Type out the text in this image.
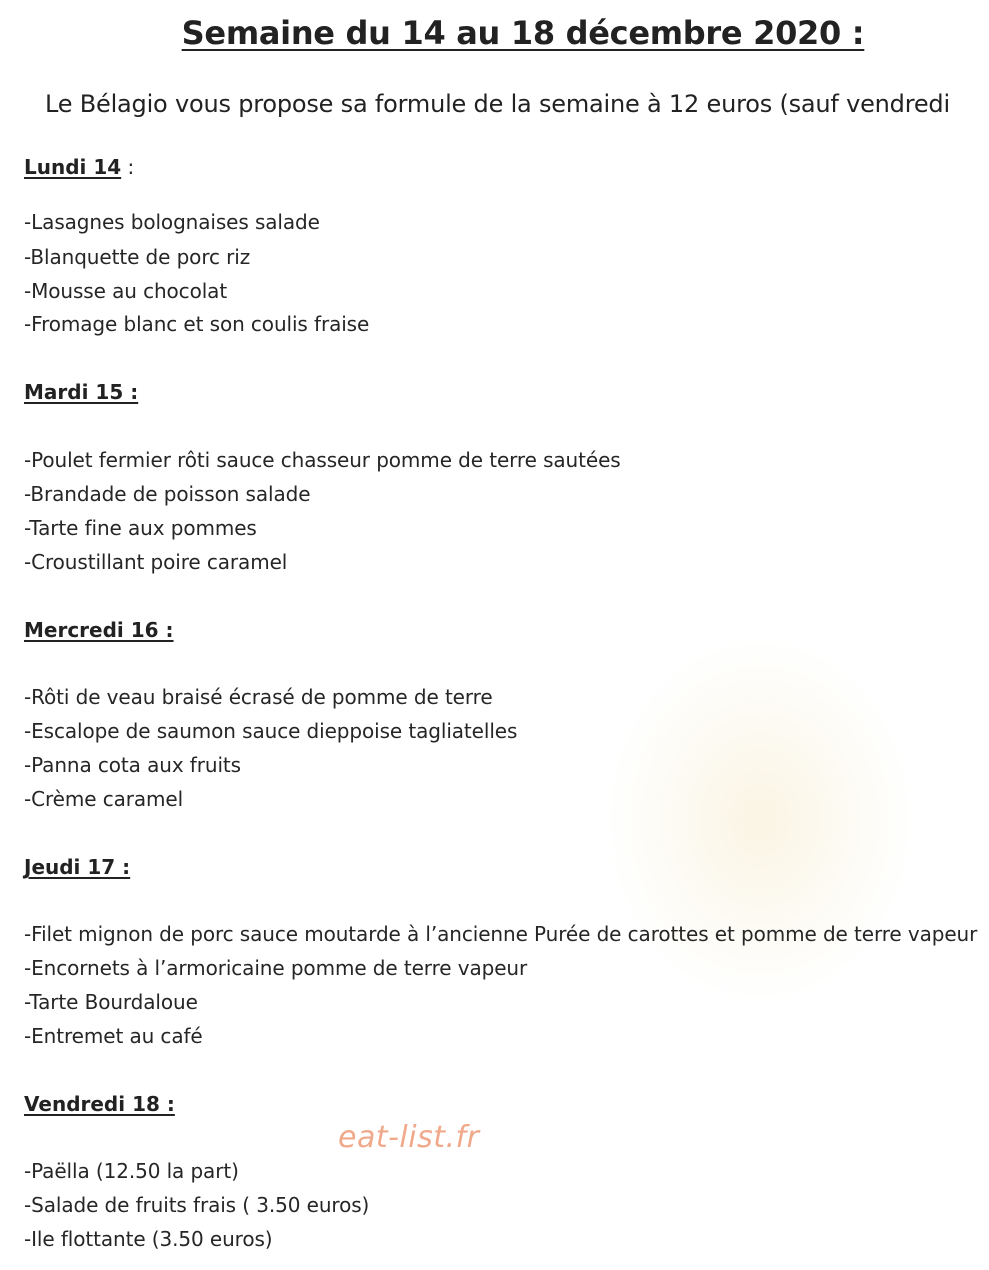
Semaine du 14 au 18 décembre 2020 :
Le Bélagio vous propose sa formule de la semaine à 12 euros (sauf vendredi
Lundi 14 :
-Lasagnes bolognaises salade
-Blanquette de porc riz
-Mousse au chocolat
-Fromage blanc et son coulis fraise
Mardi 15 :
-Poulet fermier rôti sauce chasseur pomme de terre sautées
-Brandade de poisson salade
-Tarte fine aux pommes
-Croustillant poire caramel
Mercredi 16 :
-Rôti de veau braisé écrasé de pomme de terre
-Escalope de saumon sauce dieppoise tagliatelles
-Panna cota aux fruits
-Crème caramel
Jeudi 17 :
-Filet mignon de porc sauce moutarde à l’ancienne Purée de carottes et pomme de terre vapeur
-Encornets à l’armoricaine pomme de terre vapeur
-Tarte Bourdaloue
-Entremet au café
Vendredi 18 :
-Paëlla (12.50 la part)
-Salade de fruits frais ( 3.50 euros)
-Ile flottante (3.50 euros)
eat-list.fr
